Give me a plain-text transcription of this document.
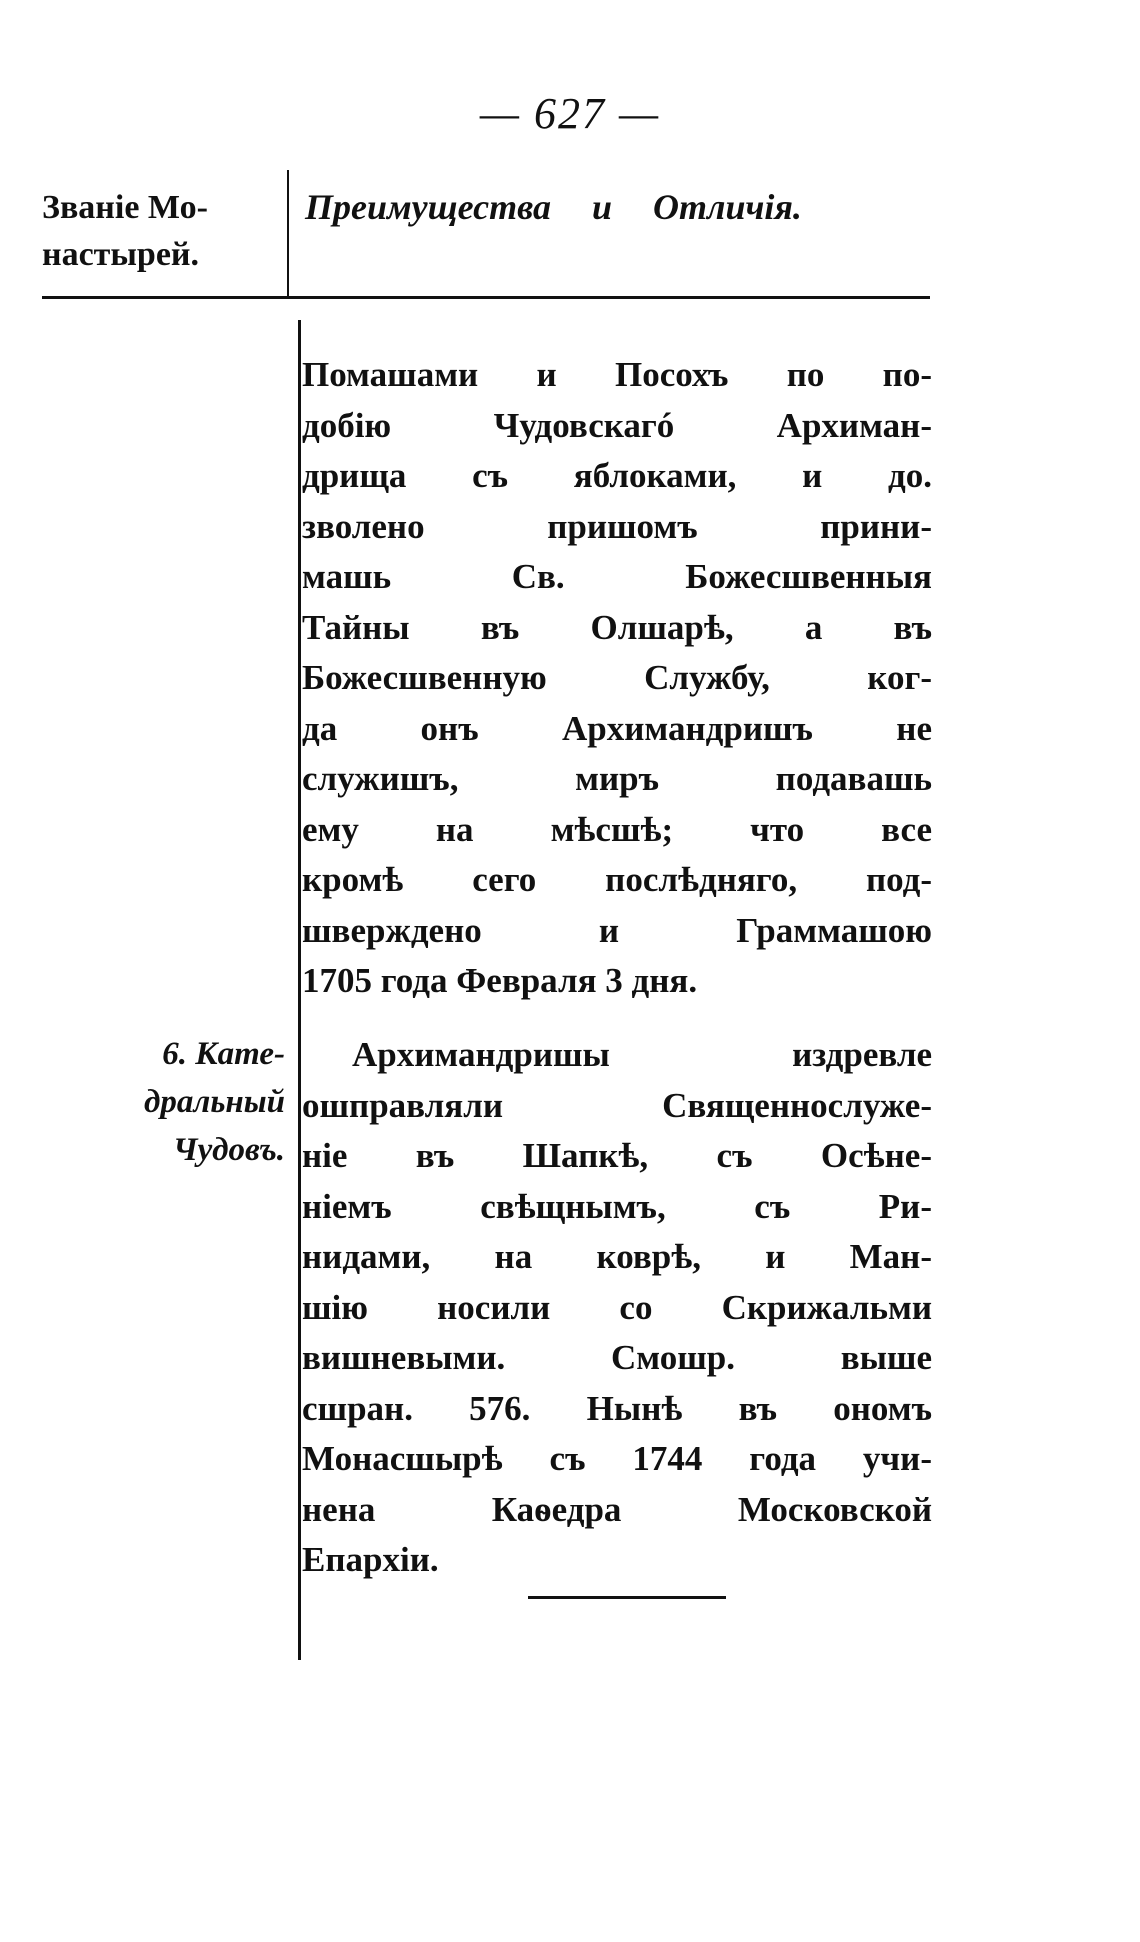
— 627 —
Званіе Мо-
настырей.
Преимущества и Отличія.
Помашами и Посохъ по по-
добію Чудовскагó Архиман-
дрища съ яблоками, и до.
зволено пришомъ прини-
машь Св. Божесшвенныя
Тайны въ Олшарѣ, а въ
Божесшвенную Службу, ког-
да онъ Архимандришъ не
служишъ, миръ подавашь
ему на мѣсшѣ; что все
кромѣ сего послѣдняго, под-
шверждено и Граммашою
1705 года Февраля 3 дня.
6. Кате-
дральный
Чудовъ.
Архимандришы издревле
ошправляли Священнослуже-
ніе въ Шапкѣ, съ Осѣне-
ніемъ свѣщнымъ, съ Ри-
нидами, на коврѣ, и Ман-
шію носили со Скрижальми
вишневыми. Смошр. выше
сшран. 576. Нынѣ въ ономъ
Монасшырѣ съ 1744 года учи-
нена Каѳедра Московской
Епархіи.
